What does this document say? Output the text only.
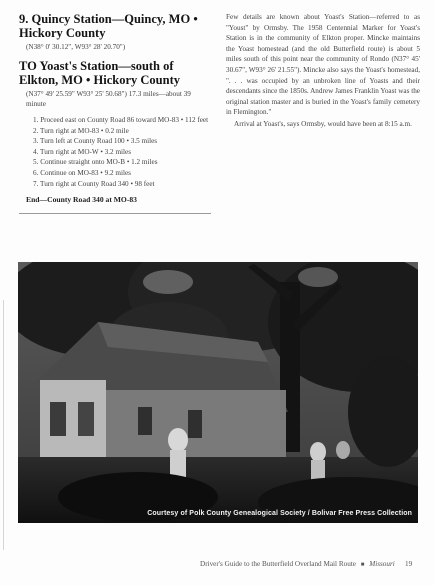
9. Quincy Station—Quincy, MO • Hickory County

(N38° 0' 30.12", W93° 28' 20.70")

TO Yoast's Station—south of Elkton, MO • Hickory County

(N37° 49' 25.59" W93° 25' 50.68") 17.3 miles—about 39 minute

1. Proceed east on County Road 86 toward MO-83 • 112 feet
2. Turn right at MO-83 • 0.2 mile
3. Turn left at County Road 100 • 3.5 miles
4. Turn right at MO-W • 3.2 miles
5. Continue straight onto MO-B • 1.2 miles
6. Continue on MO-83 • 9.2 miles
7. Turn right at County Road 340 • 98 feet

End—County Road 340 at MO-83

Few details are known about Yoast's Station—referred to as "Youst" by Ormsby. The 1958 Centennial Marker for Yoast's Station is in the community of Elkton proper. Mincke maintains the Yoast homestead (and the old Butterfield route) is about 5 miles south of this point near the community of Rondo (N37° 45' 30.67", W93° 26' 21.55"). Mincke also says the Yoast's homestead, ". . . was occupied by an unbroken line of Yoasts and their descendants since the 1850s. Andrew James Franklin Yoast was the original station master and is buried in the Yoast's family cemetery in Flemington."

Arrival at Yoast's, says Ormsby, would have been at 8:15 a.m.

Courtesy of Polk County Genealogical Society / Bolivar Free Press Collection
Driver's Guide to the Butterfield Overland Mail Route ■ Missouri 19
